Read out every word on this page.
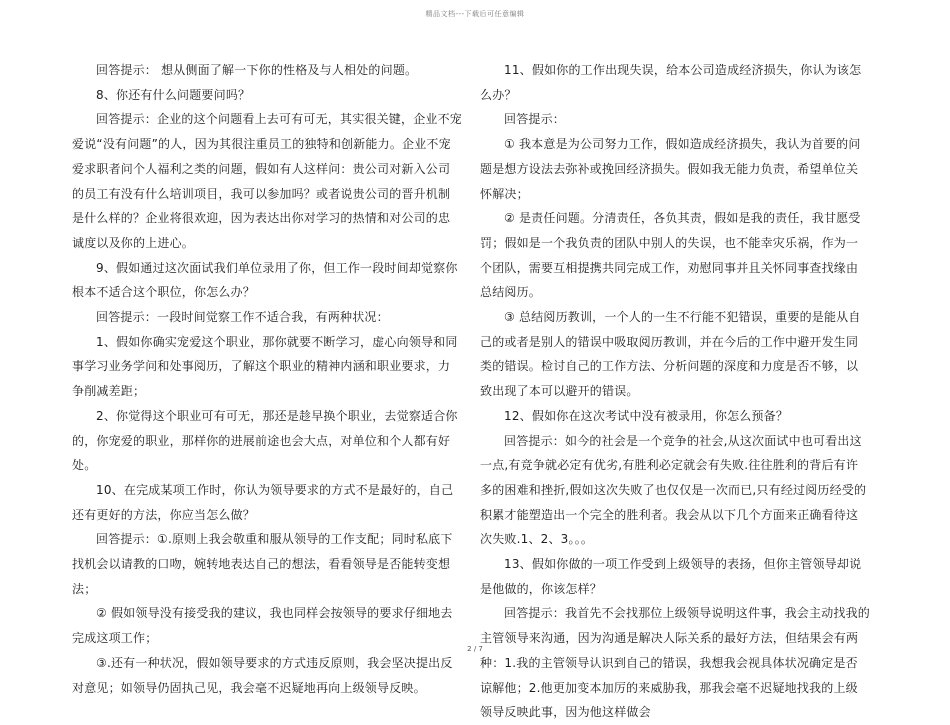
精品文档---下载后可任意编辑

回答提示： 想从侧面了解一下你的性格及与人相处的问题。

8、你还有什么问题要问吗？

回答提示：企业的这个问题看上去可有可无，其实很关键，企业不宠爱说“没有问题”的人，因为其很注重员工的独特和创新能力。企业不宠爱求职者问个人福利之类的问题，假如有人这样问：贵公司对新入公司的员工有没有什么培训项目，我可以参加吗？或者说贵公司的晋升机制是什么样的？企业将很欢迎，因为表达出你对学习的热情和对公司的忠诚度以及你的上进心。

9、假如通过这次面试我们单位录用了你，但工作一段时间却觉察你根本不适合这个职位，你怎么办？

回答提示：一段时间觉察工作不适合我，有两种状况：

1、假如你确实宠爱这个职业，那你就要不断学习，虚心向领导和同事学习业务学问和处事阅历，了解这个职业的精神内涵和职业要求，力争削减差距；

2、你觉得这个职业可有可无，那还是趁早换个职业，去觉察适合你的，你宠爱的职业，那样你的进展前途也会大点，对单位和个人都有好处。

10、在完成某项工作时，你认为领导要求的方式不是最好的，自己还有更好的方法，你应当怎么做？

回答提示：①.原则上我会敬重和服从领导的工作支配；同时私底下找机会以请教的口吻，婉转地表达自己的想法，看看领导是否能转变想法；

② 假如领导没有接受我的建议，我也同样会按领导的要求仔细地去完成这项工作；

③.还有一种状况，假如领导要求的方式违反原则，我会坚决提出反对意见；如领导仍固执己见，我会毫不迟疑地再向上级领导反映。

11、假如你的工作出现失误，给本公司造成经济损失，你认为该怎么办？

回答提示：

① 我本意是为公司努力工作，假如造成经济损失，我认为首要的问题是想方设法去弥补或挽回经济损失。假如我无能力负责，希望单位关怀解决；

② 是责任问题。分清责任，各负其责，假如是我的责任，我甘愿受罚；假如是一个我负责的团队中别人的失误，也不能幸灾乐祸，作为一个团队，需要互相提携共同完成工作，劝慰同事并且关怀同事查找缘由总结阅历。

③ 总结阅历教训，一个人的一生不行能不犯错误，重要的是能从自己的或者是别人的错误中吸取阅历教训，并在今后的工作中避开发生同类的错误。检讨自己的工作方法、分析问题的深度和力度是否不够，以致出现了本可以避开的错误。

12、假如你在这次考试中没有被录用，你怎么预备？

回答提示：如今的社会是一个竞争的社会,从这次面试中也可看出这一点,有竞争就必定有优劣,有胜利必定就会有失败.往往胜利的背后有许多的困难和挫折,假如这次失败了也仅仅是一次而已,只有经过阅历经受的积累才能塑造出一个完全的胜利者。我会从以下几个方面来正确看待这次失败.1、2、3。。。

13、假如你做的一项工作受到上级领导的表扬，但你主管领导却说是他做的，你该怎样？

回答提示：我首先不会找那位上级领导说明这件事，我会主动找我的主管领导来沟通，因为沟通是解决人际关系的最好方法，但结果会有两种：1.我的主管领导认识到自己的错误，我想我会视具体状况确定是否谅解他；2.他更加变本加厉的来威胁我，那我会毫不迟疑地找我的上级领导反映此事，因为他这样做会

2 / 7
